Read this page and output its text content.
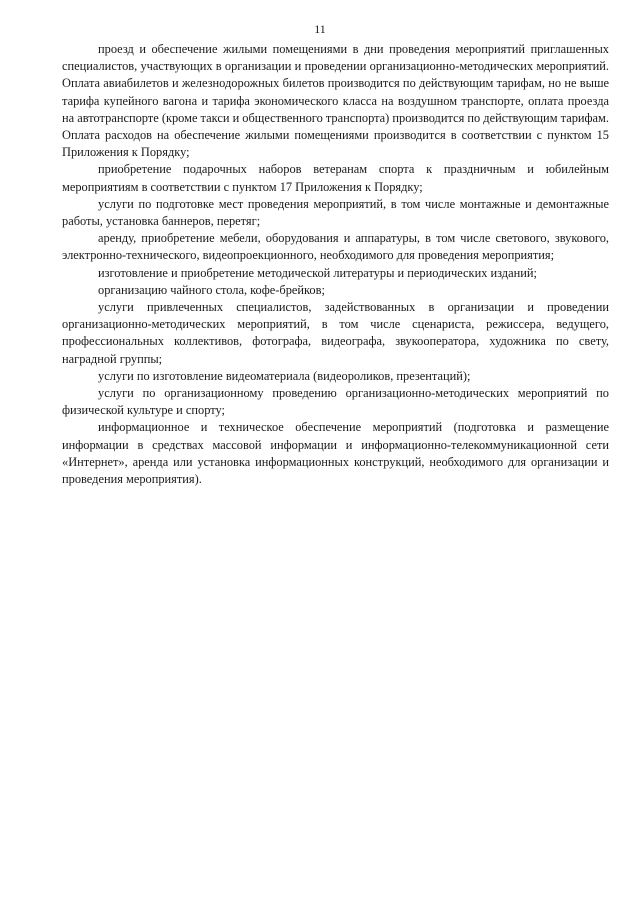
11

проезд и обеспечение жилыми помещениями в дни проведения мероприятий приглашенных специалистов, участвующих в организации и проведении организационно-методических мероприятий. Оплата авиабилетов и железнодорожных билетов производится по действующим тарифам, но не выше тарифа купейного вагона и тарифа экономического класса на воздушном транспорте, оплата проезда на автотранспорте (кроме такси и общественного транспорта) производится по действующим тарифам. Оплата расходов на обеспечение жилыми помещениями производится в соответствии с пунктом 15 Приложения к Порядку;

приобретение подарочных наборов ветеранам спорта к праздничным и юбилейным мероприятиям в соответствии с пунктом 17 Приложения к Порядку;

услуги по подготовке мест проведения мероприятий, в том числе монтажные и демонтажные работы, установка баннеров, перетяг;

аренду, приобретение мебели, оборудования и аппаратуры, в том числе светового, звукового, электронно-технического, видеопроекционного, необходимого для проведения мероприятия;

изготовление и приобретение методической литературы и периодических изданий;

организацию чайного стола, кофе-брейков;

услуги привлеченных специалистов, задействованных в организации и проведении организационно-методических мероприятий, в том числе сценариста, режиссера, ведущего, профессиональных коллективов, фотографа, видеографа, звукооператора, художника по свету, наградной группы;

услуги по изготовление видеоматериала (видеороликов, презентаций);

услуги по организационному проведению организационно-методических мероприятий по физической культуре и спорту;

информационное и техническое обеспечение мероприятий (подготовка и размещение информации в средствах массовой информации и информационно-телекоммуникационной сети «Интернет», аренда или установка информационных конструкций, необходимого для организации и проведения мероприятия).
